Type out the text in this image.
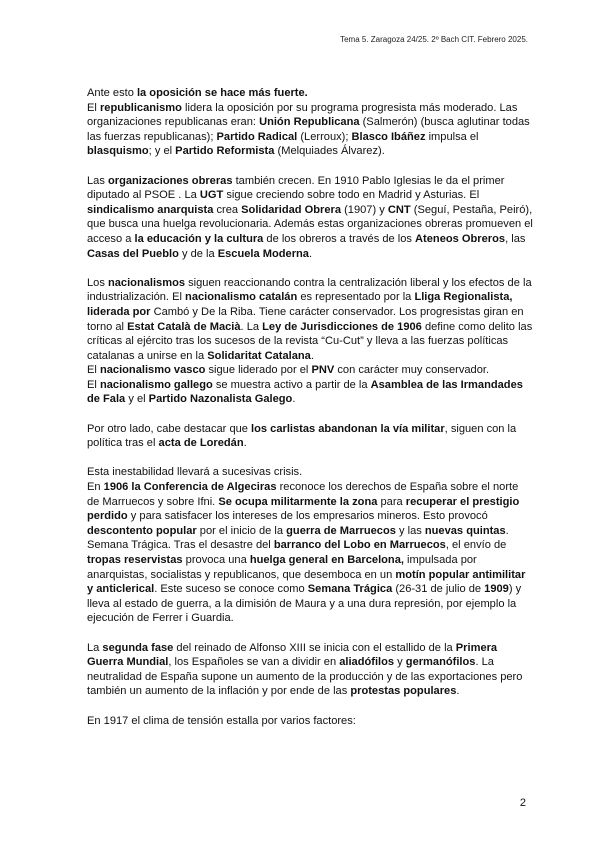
Tema 5. Zaragoza 24/25. 2º Bach CIT. Febrero 2025.

Ante esto la oposición se hace más fuerte.
El republicanismo lidera la oposición por su programa progresista más moderado. Las organizaciones republicanas eran: Unión Republicana (Salmerón) (busca aglutinar todas las fuerzas republicanas); Partido Radical (Lerroux); Blasco Ibáñez impulsa el blasquismo; y el Partido Reformista (Melquiades Álvarez).

Las organizaciones obreras también crecen. En 1910 Pablo Iglesias le da el primer diputado al PSOE . La UGT sigue creciendo sobre todo en Madrid y Asturias. El sindicalismo anarquista crea Solidaridad Obrera (1907) y CNT (Seguí, Pestaña, Peiró), que busca una huelga revolucionaria. Además estas organizaciones obreras promueven el acceso a la educación y la cultura de los obreros a través de los Ateneos Obreros, las Casas del Pueblo y de la Escuela Moderna.

Los nacionalismos siguen reaccionando contra la centralización liberal y los efectos de la industrialización. El nacionalismo catalán es representado por la Lliga Regionalista, liderada por Cambó y De la Riba. Tiene carácter conservador. Los progresistas giran en torno al Estat Català de Macià. La Ley de Jurisdicciones de 1906 define como delito las críticas al ejército tras los sucesos de la revista “Cu-Cut” y lleva a las fuerzas políticas catalanas a unirse en la Solidaritat Catalana.
El nacionalismo vasco sigue liderado por el PNV con carácter muy conservador.
El nacionalismo gallego se muestra activo a partir de la Asamblea de las Irmandades de Fala y el Partido Nazonalista Galego.

Por otro lado, cabe destacar que los carlistas abandonan la vía militar, siguen con la política tras el acta de Loredán.

Esta inestabilidad llevará a sucesivas crisis.
En 1906 la Conferencia de Algeciras reconoce los derechos de España sobre el norte de Marruecos y sobre Ifni. Se ocupa militarmente la zona para recuperar el prestigio perdido y para satisfacer los intereses de los empresarios mineros. Esto provocó descontento popular por el inicio de la guerra de Marruecos y las nuevas quintas.
Semana Trágica. Tras el desastre del barranco del Lobo en Marruecos, el envío de tropas reservistas provoca una huelga general en Barcelona, impulsada por anarquistas, socialistas y republicanos, que desemboca en un motín popular antimilitar y anticlerical. Este suceso se conoce como Semana Trágica (26-31 de julio de 1909) y lleva al estado de guerra, a la dimisión de Maura y a una dura represión, por ejemplo la ejecución de Ferrer i Guardia.

La segunda fase del reinado de Alfonso XIII se inicia con el estallido de la Primera Guerra Mundial, los Españoles se van a dividir en aliadófilos y germanófilos. La neutralidad de España supone un aumento de la producción y de las exportaciones pero también un aumento de la inflación y por ende de las protestas populares.

En 1917 el clima de tensión estalla por varios factores:

2
